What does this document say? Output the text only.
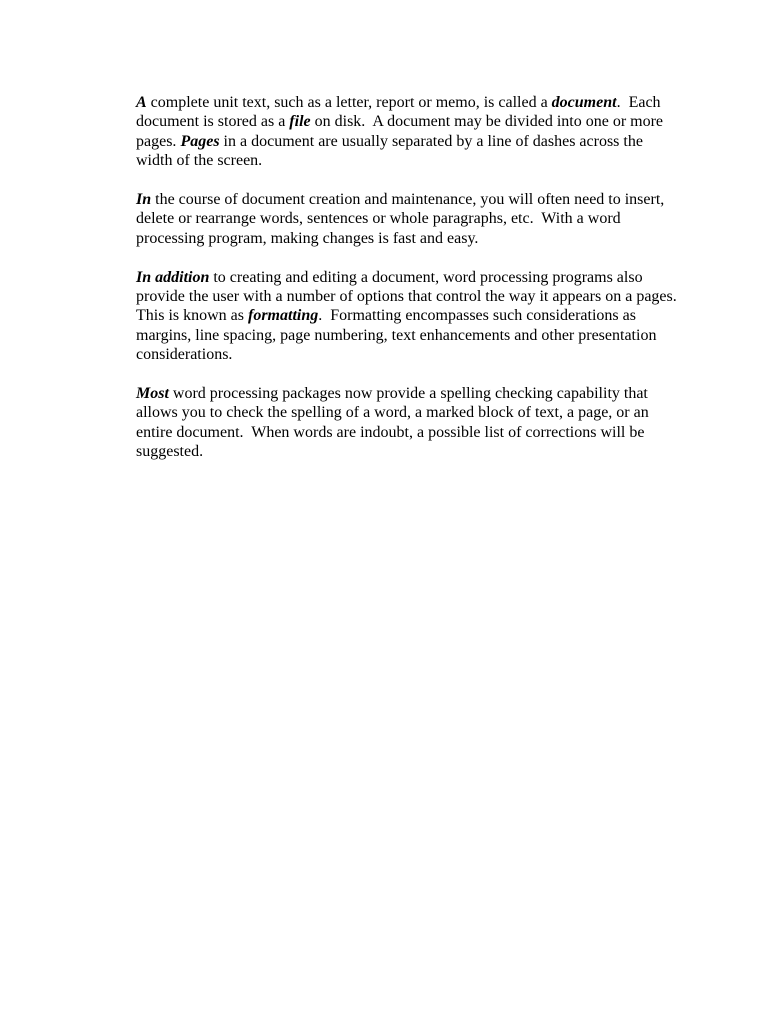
A complete unit text, such as a letter, report or memo, is called a document.  Each document is stored as a file on disk.  A document may be divided into one or more pages. Pages in a document are usually separated by a line of dashes across the width of the screen.

In the course of document creation and maintenance, you will often need to insert, delete or rearrange words, sentences or whole paragraphs, etc.  With a word processing program, making changes is fast and easy.

In addition to creating and editing a document, word processing programs also provide the user with a number of options that control the way it appears on a pages.  This is known as formatting.  Formatting encompasses such considerations as margins, line spacing, page numbering, text enhancements and other presentation considerations.

Most word processing packages now provide a spelling checking capability that allows you to check the spelling of a word, a marked block of text, a page, or an entire document.  When words are indoubt, a possible list of corrections will be suggested.
